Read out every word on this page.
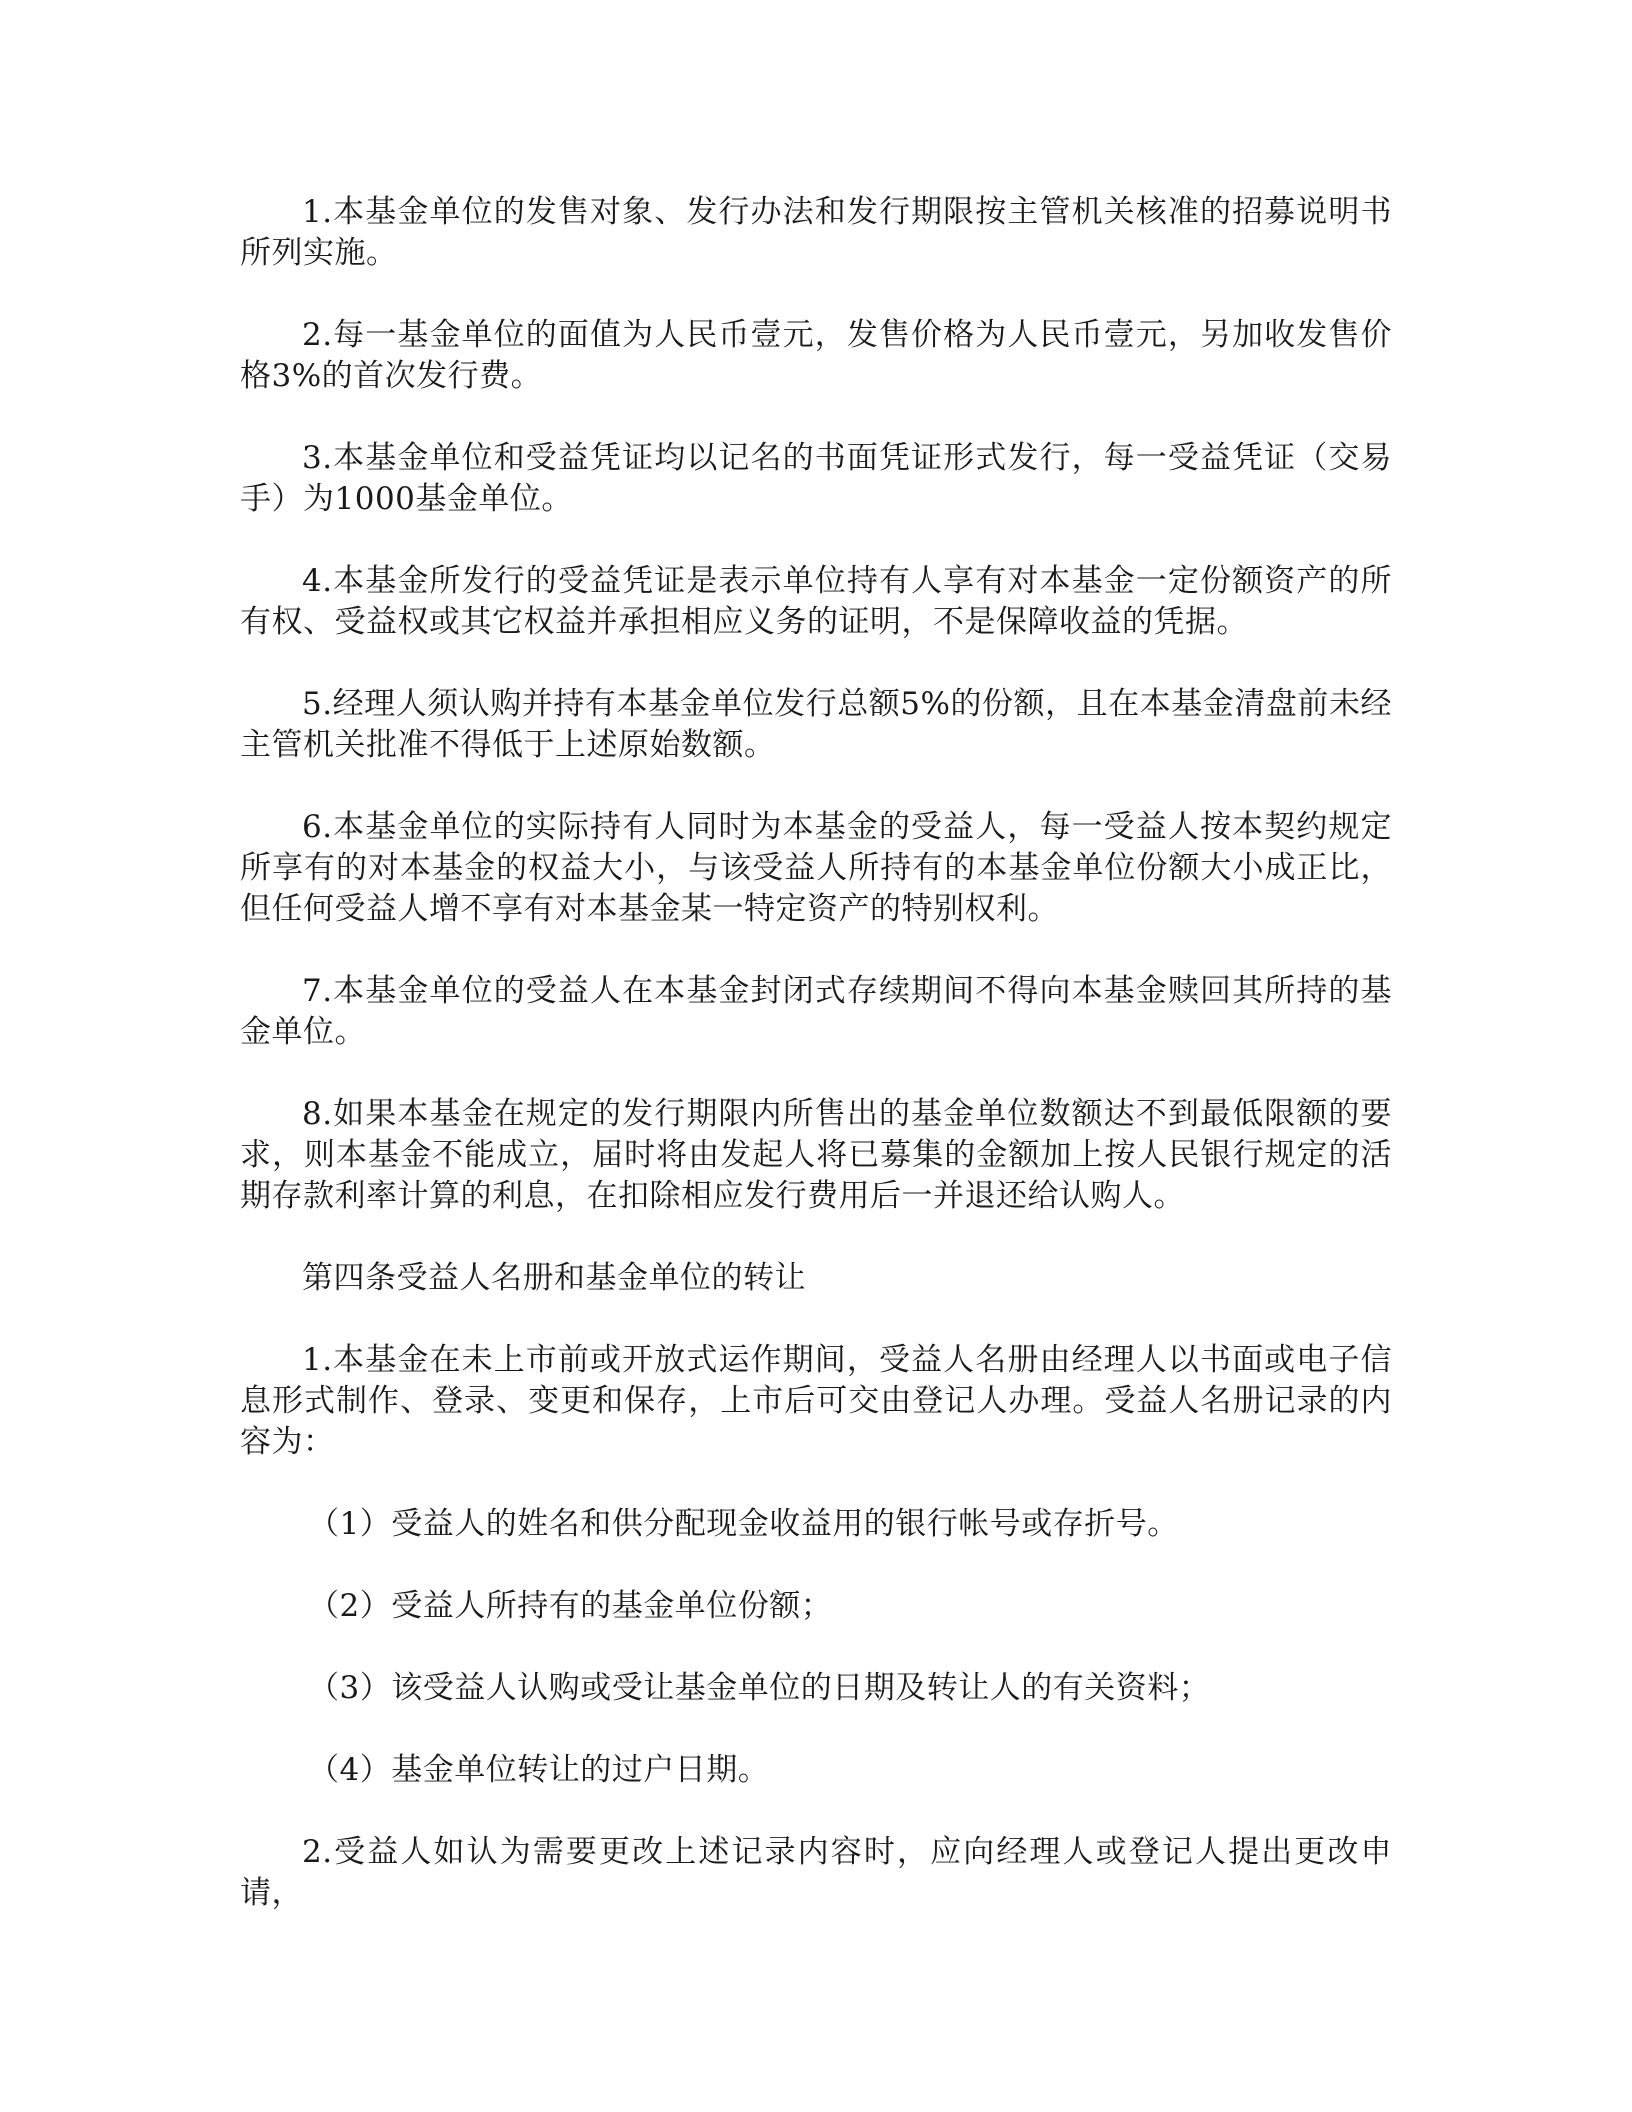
1.本基金单位的发售对象、发行办法和发行期限按主管机关核准的招募说明书所列实施。

2.每一基金单位的面值为人民币壹元，发售价格为人民币壹元，另加收发售价格3%的首次发行费。

3.本基金单位和受益凭证均以记名的书面凭证形式发行，每一受益凭证（交易手）为1000基金单位。

4.本基金所发行的受益凭证是表示单位持有人享有对本基金一定份额资产的所有权、受益权或其它权益并承担相应义务的证明，不是保障收益的凭据。

5.经理人须认购并持有本基金单位发行总额5%的份额，且在本基金清盘前未经主管机关批准不得低于上述原始数额。

6.本基金单位的实际持有人同时为本基金的受益人，每一受益人按本契约规定所享有的对本基金的权益大小，与该受益人所持有的本基金单位份额大小成正比，但任何受益人增不享有对本基金某一特定资产的特别权利。

7.本基金单位的受益人在本基金封闭式存续期间不得向本基金赎回其所持的基金单位。

8.如果本基金在规定的发行期限内所售出的基金单位数额达不到最低限额的要求，则本基金不能成立，届时将由发起人将已募集的金额加上按人民银行规定的活期存款利率计算的利息，在扣除相应发行费用后一并退还给认购人。

第四条受益人名册和基金单位的转让

1.本基金在未上市前或开放式运作期间，受益人名册由经理人以书面或电子信息形式制作、登录、变更和保存，上市后可交由登记人办理。受益人名册记录的内容为：

（1）受益人的姓名和供分配现金收益用的银行帐号或存折号。

（2）受益人所持有的基金单位份额；

（3）该受益人认购或受让基金单位的日期及转让人的有关资料；

（4）基金单位转让的过户日期。

2.受益人如认为需要更改上述记录内容时，应向经理人或登记人提出更改申请，
